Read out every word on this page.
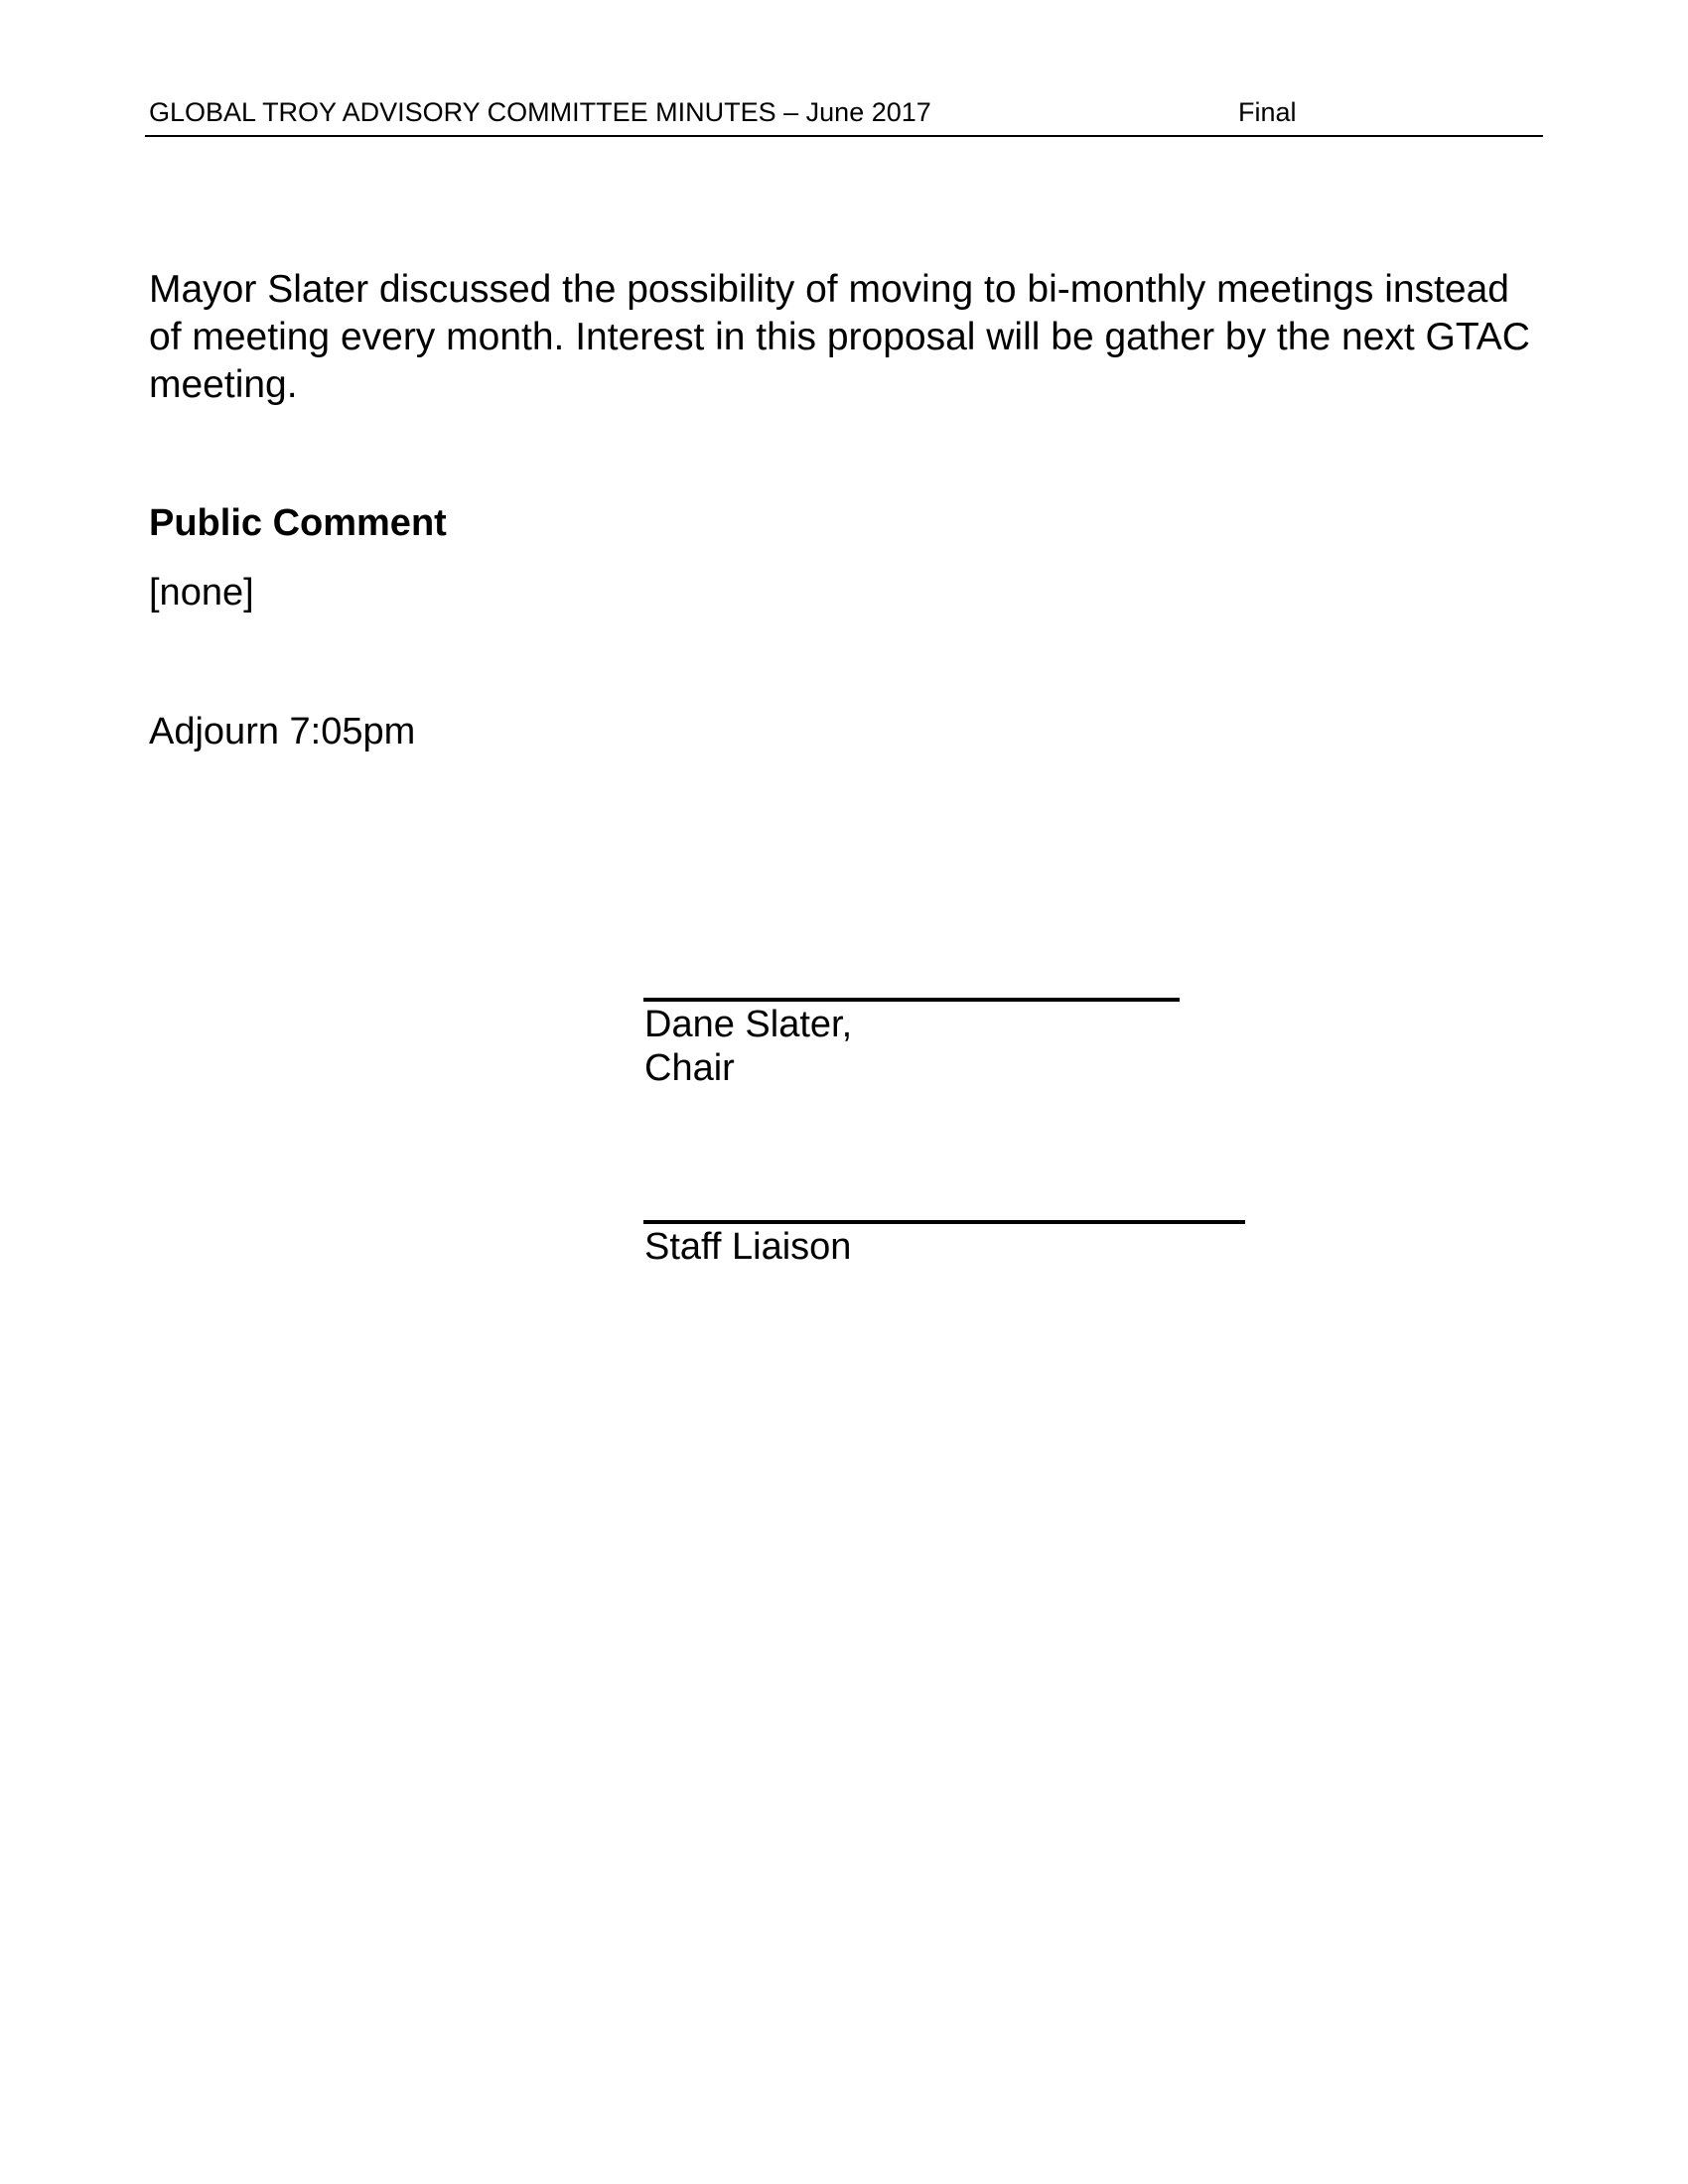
GLOBAL TROY ADVISORY COMMITTEE MINUTES – June 2017	Final

Mayor Slater discussed the possibility of moving to bi-monthly meetings instead of meeting every month. Interest in this proposal will be gather by the next GTAC meeting.

Public Comment

[none]

Adjourn 7:05pm

Dane Slater,
Chair
Staff Liaison
